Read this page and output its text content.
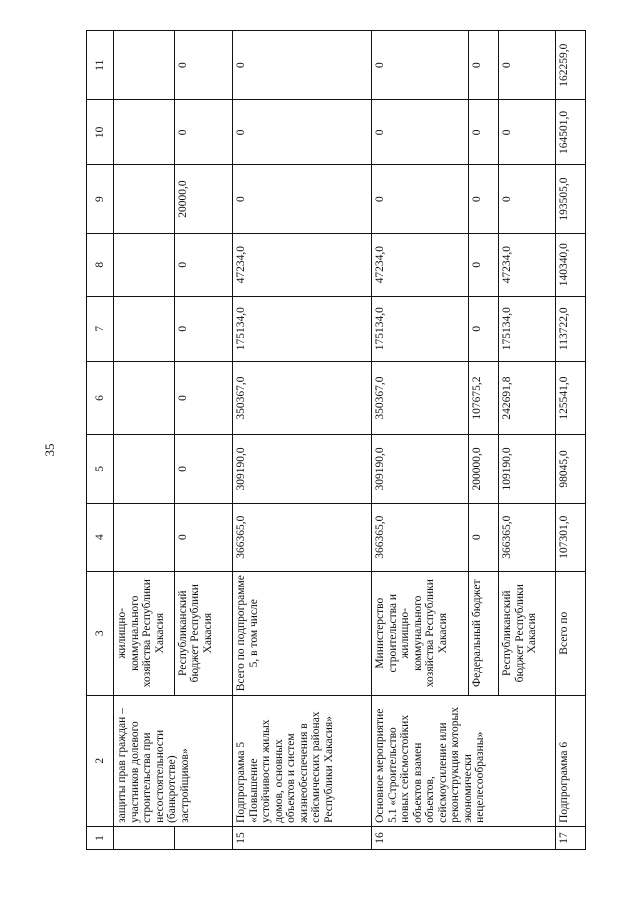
35
1	2	3	4	5	6	7	8	9	10	11
	защиты прав граждан – участников долевого строительства при несостоятельности (банкротстве) застройщиков»	жилищно-коммунального хозяйства Республики Хакасия								
		Республиканский бюджет Республики Хакасия	0	0	0	0	0	20000,0	0	0
15	Подпрограмма 5 «Повышение устойчивости жилых домов, основных объектов и систем жизнеобеспечения в сейсмических районах Республики Хакасия»	Всего по подпрограмме 5, в том числе	366365,0	309190,0	350367,0	175134,0	47234,0	0	0	0
16	Основное мероприятие 5.1 «Строительство новых сейсмостойких объектов взамен объектов, сейсмоусиление или реконструкция которых экономически нецелесообразны»	Министерство строительства и жилищно-коммунального хозяйства Республики Хакасия	366365,0	309190,0	350367,0	175134,0	47234,0	0	0	0
		Федеральный бюджет	0	200000,0	107675,2	0	0	0	0	0
		Республиканский бюджет Республики Хакасия	366365,0	109190,0	242691,8	175134,0	47234,0	0	0	0
17	Подпрограмма 6	Всего по	107301,0	98045,0	125541,0	113722,0	140340,0	193505,0	164501,0	162259,0
